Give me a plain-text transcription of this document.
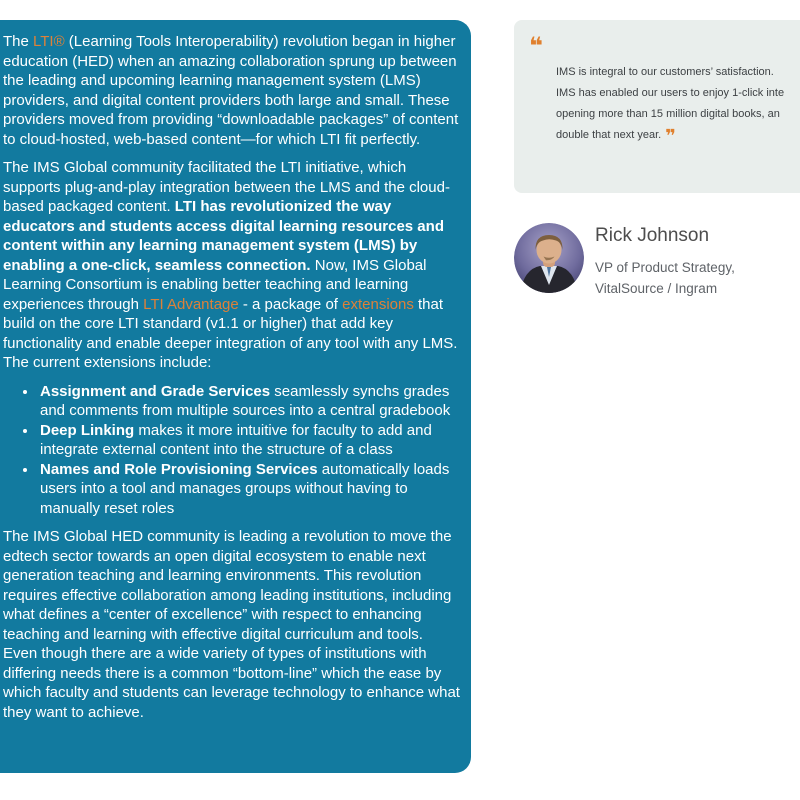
The LTI® (Learning Tools Interoperability) revolution began in higher education (HED) when an amazing collaboration sprung up between the leading and upcoming learning management system (LMS) providers, and digital content providers both large and small. These providers moved from providing “downloadable packages” of content to cloud-hosted, web-based content—for which LTI fit perfectly.

The IMS Global community facilitated the LTI initiative, which supports plug-and-play integration between the LMS and the cloud-based packaged content. LTI has revolutionized the way educators and students access digital learning resources and content within any learning management system (LMS) by enabling a one-click, seamless connection. Now, IMS Global Learning Consortium is enabling better teaching and learning experiences through LTI Advantage - a package of extensions that build on the core LTI standard (v1.1 or higher) that add key functionality and enable deeper integration of any tool with any LMS. The current extensions include:

• Assignment and Grade Services seamlessly synchs grades and comments from multiple sources into a central gradebook
• Deep Linking makes it more intuitive for faculty to add and integrate external content into the structure of a class
• Names and Role Provisioning Services automatically loads users into a tool and manages groups without having to manually reset roles

The IMS Global HED community is leading a revolution to move the edtech sector towards an open digital ecosystem to enable next generation teaching and learning environments. This revolution requires effective collaboration among leading institutions, including what defines a “center of excellence” with respect to enhancing teaching and learning with effective digital curriculum and tools. Even though there are a wide variety of types of institutions with differing needs there is a common “bottom-line” which the ease by which faculty and students can leverage technology to enhance what they want to achieve.

❝
IMS is integral to our customers’ satisfaction.
IMS has enabled our users to enjoy 1-click inte
opening more than 15 million digital books, an
double that next year. ❞
Rick Johnson
VP of Product Strategy,
VitalSource / Ingram
